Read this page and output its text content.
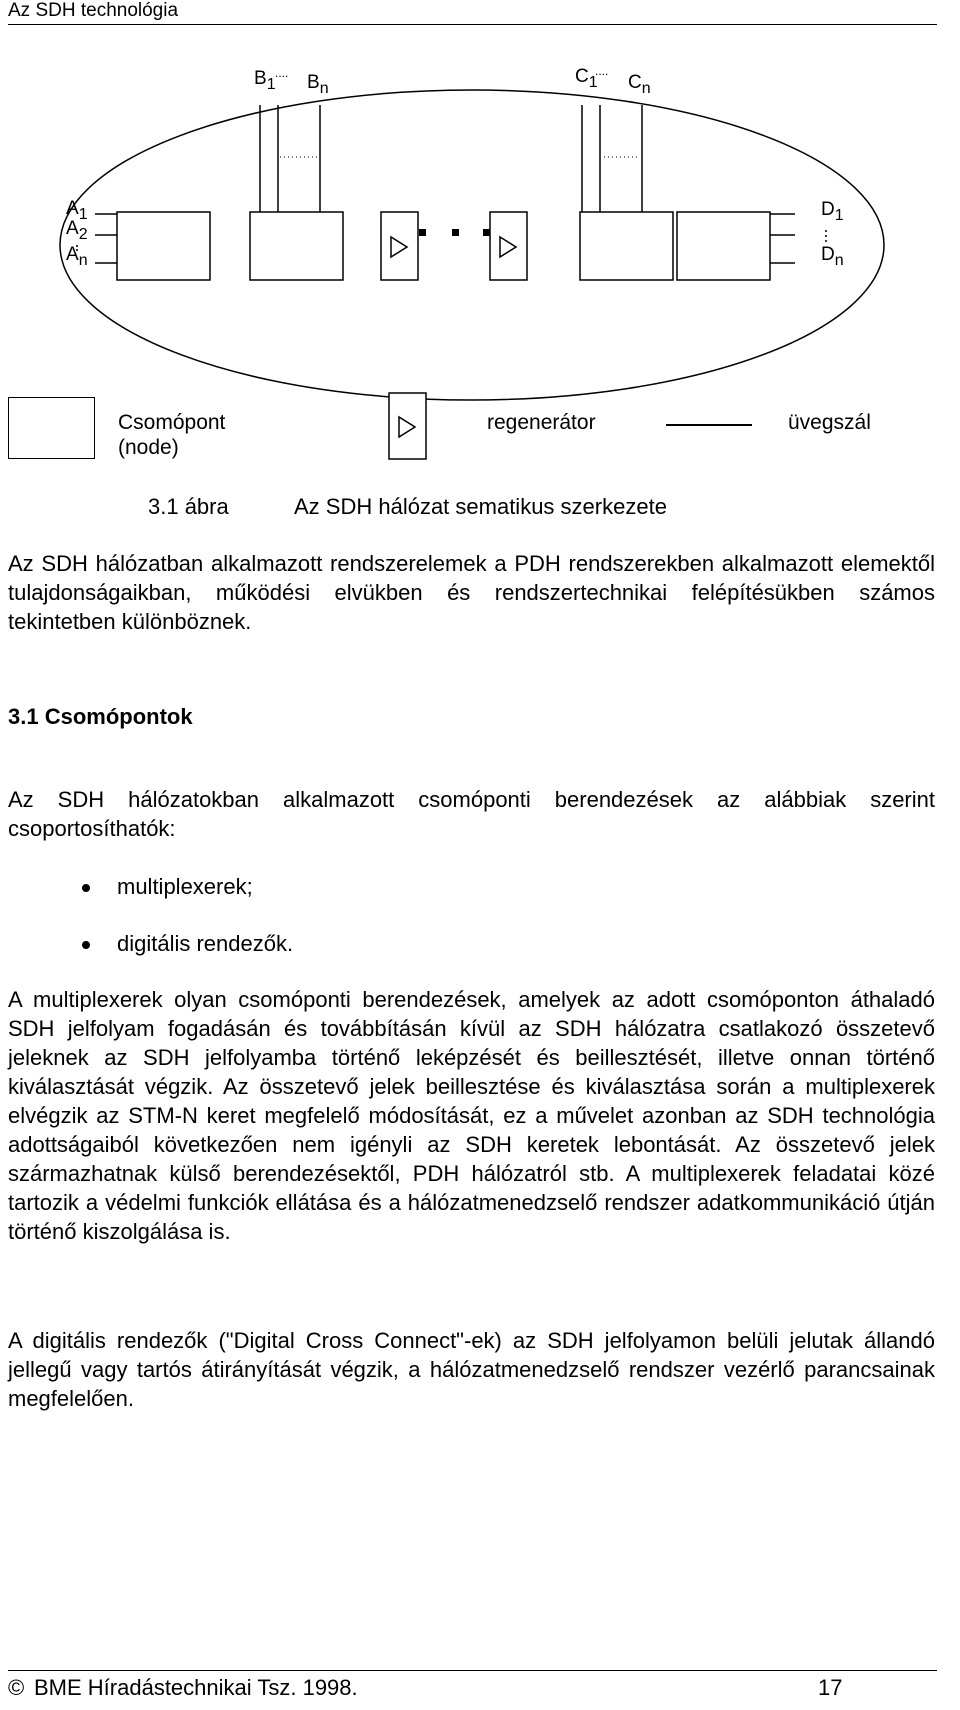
Az SDH technológia
$B_1$
.... $B_n$
$C_1$
....
$C_n$
$A_1$
$A_2$
$A_n$
$D_1$
$D_n$
Csomópont
(node)
regenerátor	üvegszál
3.1 ábra	Az SDH hálózat sematikus szerkezete
Az SDH hálózatban alkalmazott rendszerelemek a PDH rendszerekben alkalmazott elemektől tulajdonságaikban, működési elvükben és rendszertechnikai felépítésükben számos tekintetben különböznek.
3.1 Csomópontok
Az SDH hálózatokban alkalmazott csomóponti berendezések az alábbiak szerint csoportosíthatók:
multiplexerek;
digitális rendezők.
A multiplexerek olyan csomóponti berendezések, amelyek az adott csomóponton áthaladó SDH jelfolyam fogadásán és továbbításán kívül az SDH hálózatra csatlakozó összetevő jeleknek az SDH jelfolyamba történő leképzését és beillesztését, illetve onnan történő kiválasztását végzik. Az összetevő jelek beillesztése és kiválasztása során a multiplexerek elvégzik az STM-N keret megfelelő módosítását, ez a művelet azonban az SDH technológia adottságaiból következően nem igényli az SDH keretek lebontását. Az összetevő jelek származhatnak külső berendezésektől, PDH hálózatról stb. A multiplexerek feladatai közé tartozik a védelmi funkciók ellátása és a hálózatmenedzselő rendszer adatkommunikáció útján történő kiszolgálása is.
A digitális rendezők ("Digital Cross Connect"-ek) az SDH jelfolyamon belüli jelutak állandó jellegű vagy tartós átirányítását végzik, a hálózatmenedzselő rendszer vezérlő parancsainak megfelelően.
© BME Híradástechnikai Tsz. 1998.	17
